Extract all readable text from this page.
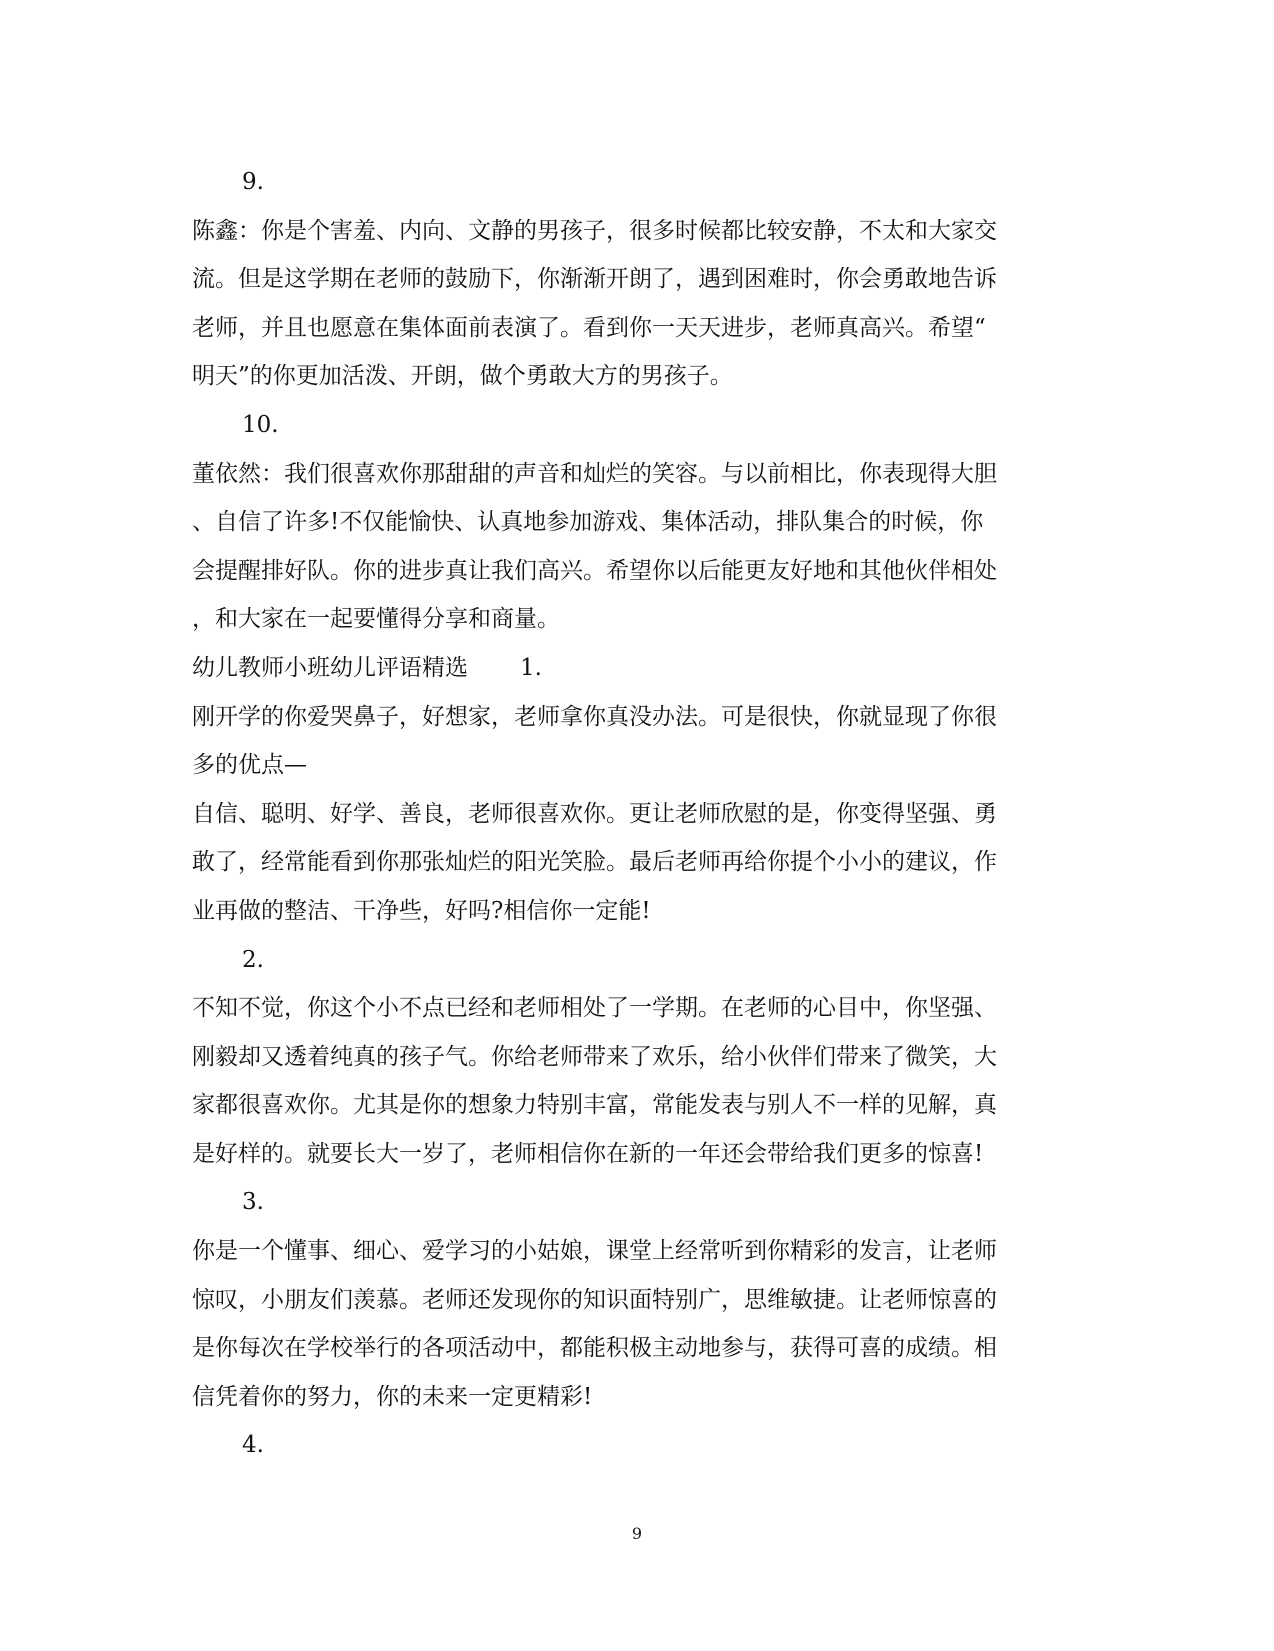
9.
陈鑫：你是个害羞、内向、文静的男孩子，很多时候都比较安静，不太和大家交
流。但是这学期在老师的鼓励下，你渐渐开朗了，遇到困难时，你会勇敢地告诉
老师，并且也愿意在集体面前表演了。看到你一天天进步，老师真高兴。希望“
明天”的你更加活泼、开朗，做个勇敢大方的男孩子。
10.
董依然：我们很喜欢你那甜甜的声音和灿烂的笑容。与以前相比，你表现得大胆
、自信了许多!不仅能愉快、认真地参加游戏、集体活动，排队集合的时候，你
会提醒排好队。你的进步真让我们高兴。希望你以后能更友好地和其他伙伴相处
，和大家在一起要懂得分享和商量。
幼儿教师小班幼儿评语精选 1.
刚开学的你爱哭鼻子，好想家，老师拿你真没办法。可是很快，你就显现了你很
多的优点—
自信、聪明、好学、善良，老师很喜欢你。更让老师欣慰的是，你变得坚强、勇
敢了，经常能看到你那张灿烂的阳光笑脸。最后老师再给你提个小小的建议，作
业再做的整洁、干净些，好吗?相信你一定能!
2.
不知不觉，你这个小不点已经和老师相处了一学期。在老师的心目中，你坚强、
刚毅却又透着纯真的孩子气。你给老师带来了欢乐，给小伙伴们带来了微笑，大
家都很喜欢你。尤其是你的想象力特别丰富，常能发表与别人不一样的见解，真
是好样的。就要长大一岁了，老师相信你在新的一年还会带给我们更多的惊喜!
3.
你是一个懂事、细心、爱学习的小姑娘，课堂上经常听到你精彩的发言，让老师
惊叹，小朋友们羡慕。老师还发现你的知识面特别广，思维敏捷。让老师惊喜的
是你每次在学校举行的各项活动中，都能积极主动地参与，获得可喜的成绩。相
信凭着你的努力，你的未来一定更精彩!
4.
9
